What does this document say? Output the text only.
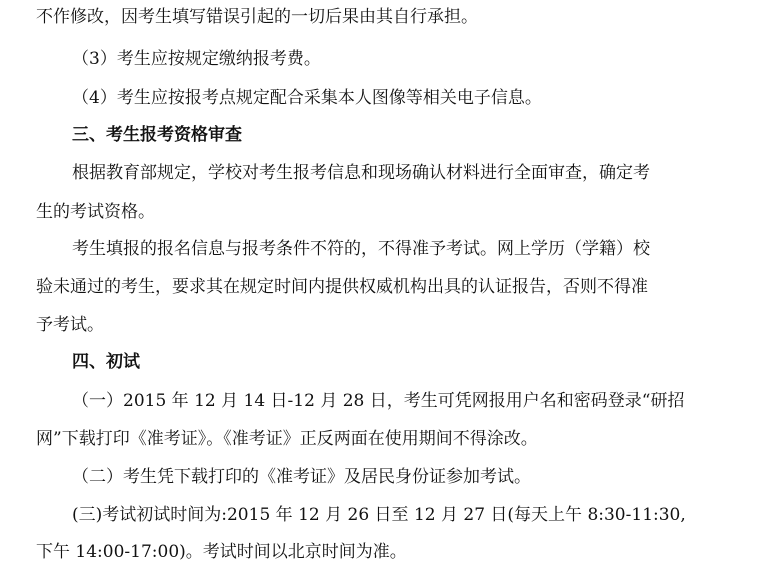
不作修改，因考生填写错误引起的一切后果由其自行承担。
（3）考生应按规定缴纳报考费。
（4）考生应按报考点规定配合采集本人图像等相关电子信息。
三、考生报考资格审查
根据教育部规定，学校对考生报考信息和现场确认材料进行全面审查，确定考
生的考试资格。
考生填报的报名信息与报考条件不符的，不得准予考试。网上学历（学籍）校
验未通过的考生，要求其在规定时间内提供权威机构出具的认证报告，否则不得准
予考试。
四、初试
（一）2015 年 12 月 14 日-12 月 28 日，考生可凭网报用户名和密码登录“研招
网”下载打印《准考证》。《准考证》正反两面在使用期间不得涂改。
（二）考生凭下载打印的《准考证》及居民身份证参加考试。
(三)考试初试时间为:2015 年 12 月 26 日至 12 月 27 日(每天上午 8:30-11:30,
下午 14:00-17:00)。考试时间以北京时间为准。
